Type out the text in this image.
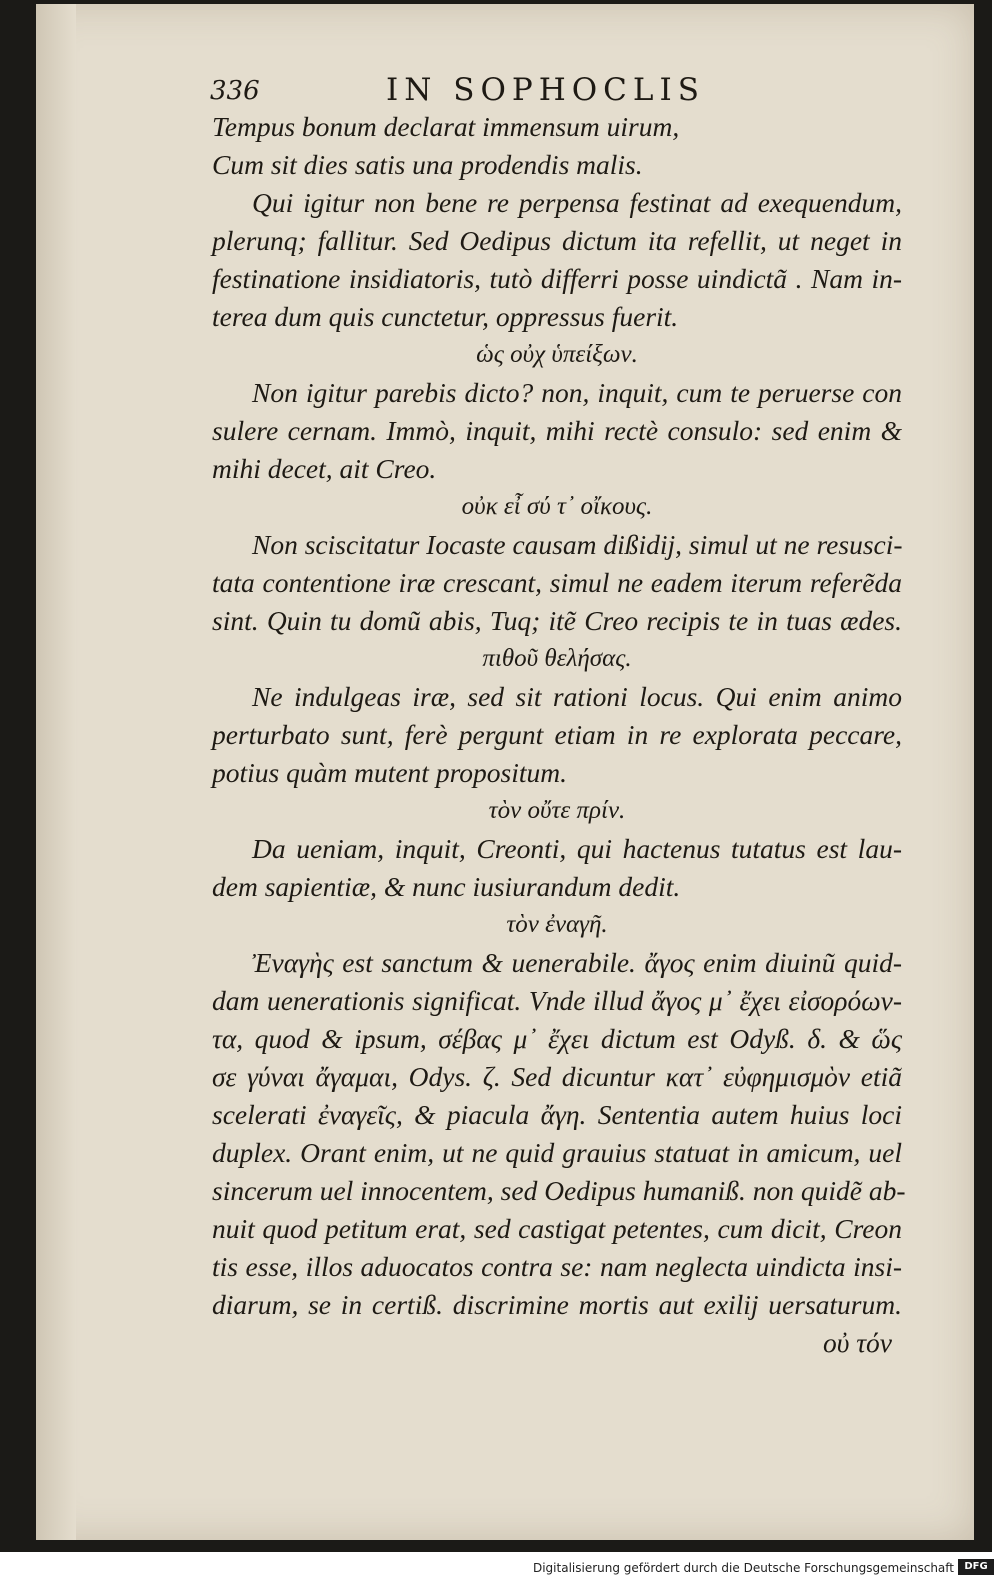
336	IN SOPHOCLIS
Tempus bonum declarat immensum uirum,
Cum sit dies satis una prodendis malis.
Qui igitur non bene re perpensa festinat ad exequendum,
plerunq; fallitur. Sed Oedipus dictum ita refellit, ut neget in
festinatione insidiatoris, tutò differri posse uindictã . Nam in-
terea dum quis cunctetur, oppressus fuerit.
ὡς οὐχ ὑπείξων.
Non igitur parebis dicto? non, inquit, cum te peruerse con
sulere cernam. Immò, inquit, mihi rectè consulo: sed enim &
mihi decet, ait Creo.
οὐκ εἶ σύ τ᾽ οἴκους.
Non sciscitatur Iocaste causam dißidij, simul ut ne resusci-
tata contentione iræ crescant, simul ne eadem iterum referẽda
sint. Quin tu domũ abis, Tuq; itẽ Creo recipis te in tuas ædes.
πιθοῦ θελήσας.
Ne indulgeas iræ, sed sit rationi locus. Qui enim animo
perturbato sunt, ferè pergunt etiam in re explorata peccare,
potius quàm mutent propositum.
τὸν οὔτε πρίν.
Da ueniam, inquit, Creonti, qui hactenus tutatus est lau-
dem sapientiæ, & nunc iusiurandum dedit.
τὸν ἐναγῆ.
Ἐναγὴς est sanctum & uenerabile. ἄγος enim diuinũ quid-
dam uenerationis significat. Vnde illud ἄγος μ᾽ ἔχει εἰσορόων-
τα, quod & ipsum, σέβας μ᾽ ἔχει dictum est Odyß. δ. & ὥς
σε γύναι ἄγαμαι, Odys. ζ. Sed dicuntur κατ᾽ εὐφημισμὸν etiã
scelerati ἐναγεῖς, & piacula ἄγη. Sententia autem huius loci
duplex. Orant enim, ut ne quid grauius statuat in amicum, uel
sincerum uel innocentem, sed Oedipus humaniß. non quidẽ ab-
nuit quod petitum erat, sed castigat petentes, cum dicit, Creon
tis esse, illos aduocatos contra se: nam neglecta uindicta insi-
diarum, se in certiß. discrimine mortis aut exilij uersaturum.
οὐ τόν
Digitalisierung gefördert durch die Deutsche Forschungsgemeinschaft	DFG
